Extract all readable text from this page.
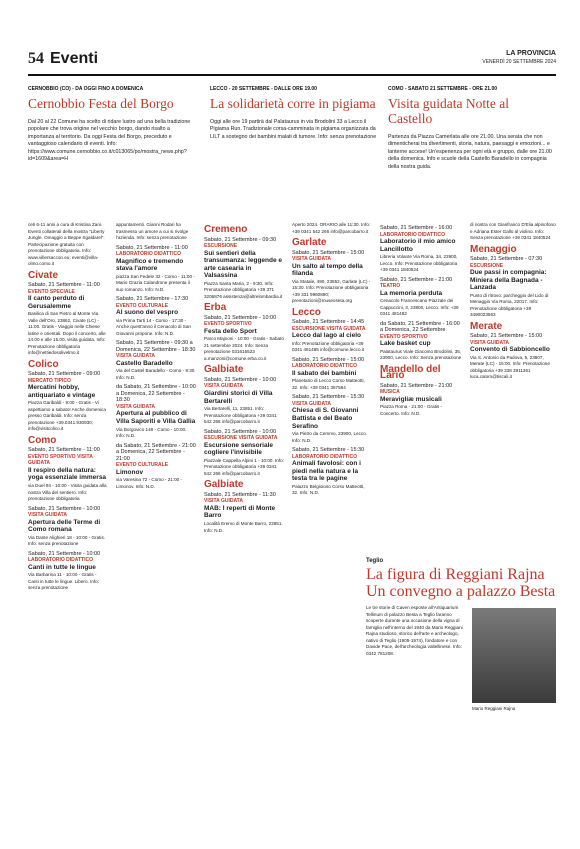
54 Eventi	LA PROVINCIA
VENERDÌ 20 SETTEMBRE 2024
CERNOBBIO (CO) - DA OGGI FINO A DOMENICA
Cernobbio Festa del Borgo
Dal 20 al 22 Comune ha scelto di ridare lustro ad una bella tradizione popolare che trova origine nel vecchio borgo, dando risalto a importanza al territorio. Da oggi Festa del Borgo, preceduto e vantaggioso calendario di eventi. Info: https://www.comune.cernobbio.co.it/c013065/po/mostra_news.php?id=1609&area=H
LECCO - 20 SETTEMBRE - DALLE ORE 19.00
La solidarietà corre in pigiama
Oggi alle ore 19 partirà dal Palataurus in via Brodolini 33 a Lecco il Pigiama Run. Tradizionale corsa-camminata in pigiama organizzata da LILT a sostegno dei bambini malati di tumore. Info: senza prenotazione
COMO - SABATO 21 SETTEMBRE - ORE 21.00
Visita guidata Notte al Castello
Partenza da Piazza Camerlata alle ore 21.00. Una serata che non dimenticherai tra divertimenti, storia, natura, paesaggi e emozioni... e lanterne accese! Un'esperienza per ogni età e gruppo, dalle ore 21.00 della domenica. Info e scuole della Castello Baradello in compagnia della nostra guida.
ceti 6-11 anni a cura di Kristina Zani. Eventi collaterali della mostra "Liberty Jungle. Omaggio a Beppe Sgaldarel". Partecipazione gratuita con prenotazione obbligatoria. Info: www.villersaccon.eu; eventi@villa-olmo.como.it
Civate
Sabato, 21 Settembre - 11:00
EVENTO SPECIALE
Il canto perduto di Gerusalemme
Basilica di San Pietro al Monte Via Valle dell'Oro, 23862, Civate (LC) - 11:00. Gratis - Viaggio nelle Chiese latine e orientali. Dopo il concerto, alle 14.00 e alle 15.00, visita guidata. Info: Prenotazione obbligatoria info@nettiedosolivelmo.it
Colico
Sabato, 21 Settembre - 09:00
MERCATO TIPICO
Mercatini hobby, antiquariato e vintage
Piazza Garibaldi - 9:00 - Gratis - Vi aspettiamo a sabato! Anche domenica presso Garibaldi. Info: senza prenotazione +39.0341.930930; info@visitcolico.it
Como
Sabato, 21 Settembre - 11:00
EVENTO SPORTIVO VISITA GUIDATA
Il respiro della natura: yoga essenziale immersa
via Duel 84 - 10:00 - Visita guidata alla nostra Villa del sentiero. Info: prenotazione obbligatoria
Sabato, 21 Settembre - 10:00
VISITA GUIDATA
Apertura delle Terme di Como romana
Via Dante Alighieri 18 - 10:00 - Gratis. Info: senza prenotazione
Sabato, 21 Settembre - 10:00
LABORATORIO DIDATTICO
Canti in tutte le lingue
Via Barbarina 11 - 10:00 - Gratis - Canti in tutte le lingue. Libero. Info: senza prenotazione
appuntamenti. Gianni Rodari ha trasmesso un amore a cui si rivolge l'azienda. Info: senza prenotazione
Sabato, 21 Settembre - 11:00
LABORATORIO DIDATTICO
Magnifico e tremendo stava l'amore
piazza San Fedele 32 - Como - 11:00 - Mario Grazia Calandrone presenta il suo romanzo. Info: N.D.
Sabato, 21 Settembre - 17:30
EVENTO CULTURALE
Al suono del vespro
via Prima Tarti 14 - Como - 17:30 - Anche quest'anno il Cenacolo di San Giovanni propone. Info: N.D.
Sabato, 21 Settembre - 09:30 a Domenica, 22 Settembre - 18:30
VISITA GUIDATA
Castello Baradello
Via del Castel Baradello - Como - 9:30. Info: N.D.
da Sabato, 21 Settembre - 10:00 a Domenica, 22 Settembre - 18:30
VISITA GUIDATA
Apertura al pubblico di Villa Saporiti e Villa Gallia
Via Borgovico 148 - Como - 10:00. Info: N.D.
da Sabato, 21 Settembre - 21:00 a Domenica, 22 Settembre - 21:00
EVENTO CULTURALE
Limonov
via Varesina 72 - Como - 21:00 - Limonov. Info: N.D.
Cremeno
Sabato, 21 Settembre - 09:30
ESCURSIONE
Sui sentieri della transumanza: leggende e arte casearia in Valsassina
Piazza Santa Maria, 2 - 9:30. Info: Prenotazione obbligatoria +39 371 3206876 assistenza@altrelombardia.it
Erba
Sabato, 21 Settembre - 10:00
EVENTO SPORTIVO
Festa dello Sport
Parco Majnoni - 10:00 - Gratis - Sabato 21 settembre 2024. Info: Senza prenotazione 031615523 a.manzoni@comune.erba.co.it
Galbiate
Sabato, 21 Settembre - 10:00
VISITA GUIDATA
Giardini storici di Villa Bertarelli
Via Bertarelli, 11, 23851. Info: Prenotazione obbligatoria +39 0341 542 266 info@parcobarro.it
Sabato, 21 Settembre - 10:00
ESCURSIONE VISITA GUIDATA
Escursione sensoriale cogliere l'invisibile
Piazzale Cappella Alpini 1 - 10:00. Info: Prenotazione obbligatoria +39 0341 542 266 info@parcobarro.it
Galbiate
Sabato, 21 Settembre - 11:30
VISITA GUIDATA
MAB: I reperti di Monte Barro
Località Eremo di Monte Barro, 23851. Info: N.D.
Aperto 2024. ORARIO alle 11:30. Info: +39 0341 542 266 info@parcobarro.it
Garlate
Sabato, 21 Settembre - 15:00
VISITA GUIDATA
Un salto al tempo della filanda
Via Statale, 490, 23852, Garlate (LC) - 15:30. Info: Prenotazione obbligatoria +39 331 9960890; prenotazioni@museoseta.org
Lecco
Sabato, 21 Settembre - 14:45
ESCURSIONE VISITA GUIDATA
Lecco dal lago al cielo
Info: Prenotazione obbligatoria +39 0341 481485 info@comune.lecco.it
Sabato, 21 Settembre - 15:00
LABORATORIO DIDATTICO
Il sabato dei bambini
Planetario di Lecco Corso Matteotti, 32. Info: +39 0341 367584
Sabato, 21 Settembre - 15:30
VISITA GUIDATA
Chiesa di S. Giovanni Battista e del Beato Serafino
Via Pietro da Cemmo, 23900, Lecco. Info: N.D.
Sabato, 21 Settembre - 15:30
LABORATORIO DIDATTICO
Animali favolosi: con i piedi nella natura e la testa tra le pagine
Palazzo Belgioioso Corso Matteotti, 32. Info: N.D.
Sabato, 21 Settembre - 16:00
LABORATORIO DIDATTICO
Laboratorio il mio amico Lancillotto
Libreria Volante Via Roma, 34, 23900, Lecco. Info: Prenotazione obbligatoria +39 0341 1840524
Sabato, 21 Settembre - 21:00
TEATRO
La memoria perduta
Cenacolo Francescano Piazzale dei Cappuccini, 3, 23900, Lecco. Info: +39 0341 481482
da Sabato, 21 Settembre - 16:00 a Domenica, 22 Settembre
EVENTO SPORTIVO
Lake basket cup
Palataurus Viale Giacomo Brodolini, 35, 23900, Lecco. Info: Senza prenotazione
Mandello del Lario
Sabato, 21 Settembre - 21:00
MUSICA
Meravigliæ musicali
Piazza Roma - 21:00 - Gratis - Concerto. Info: N.D.
di nostra con Gianfranco D'Elia alpinofono e Adriana Ester Gallo al violino. Info: Senza prenotazione +39 0341 1840524
Menaggio
Sabato, 21 Settembre - 07:30
ESCURSIONE
Due passi in compagnia: Miniera della Bagnada - Lanzada
Punto di ritrovo: parcheggio del Lido di Menaggio Via Roma, 22017. Info: Prenotazione obbligatoria +39 3490023563
Merate
Sabato, 21 Settembre - 15:00
VISITA GUIDATA
Convento di Sabbioncello
Via S. Antonio da Padova, 5, 23807, Merate (LC) - 15:00. Info: Prenotazione obbligatoria +39 338 3911361 luca.caloro@tiscali.it
Teglio
La figura di Reggiani Rajna Un convegno a palazzo Besta
Le tre storie di Caven esposte all'Antiquarium Tellinum di palazzo Besta a Teglio faranno scoperte durante una occasione della vigna di famiglia nell'interno del 1940 da Mario Reggiani Rajna studioso, storico dell'arte e archeologo, nativo di Teglio (1905-1974), fondatore e con Davide Pace, dell'archeologia valtellinese. Info: 0342 781208.
Mario Reggiani Rajna
